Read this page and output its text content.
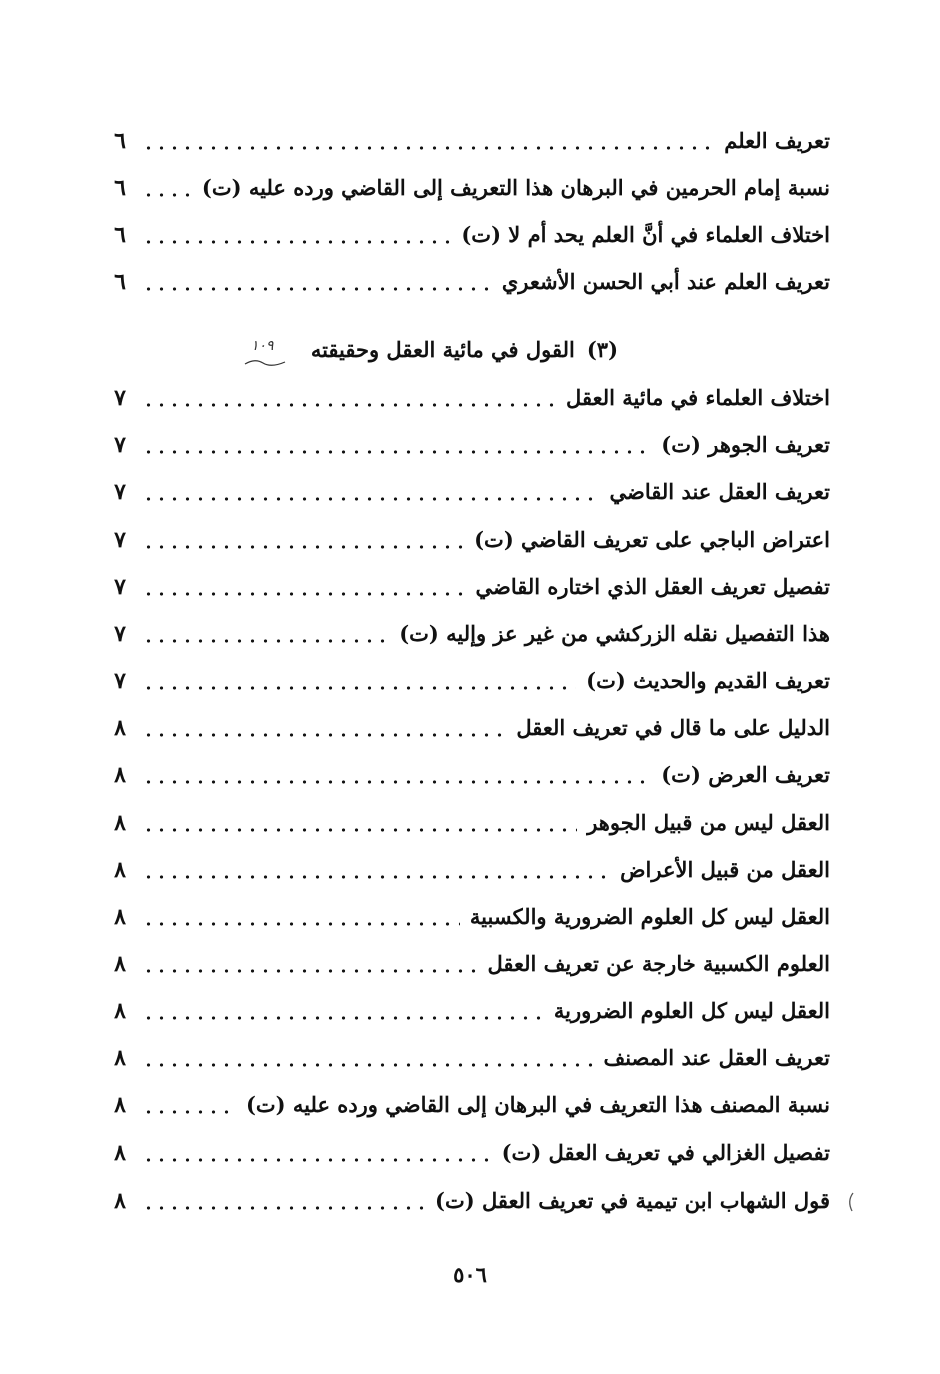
تعريف العلم
٦
نسبة إمام الحرمين في البرهان هذا التعريف إلى القاضي ورده عليه (ت)
٦
اختلاف العلماء في أنَّ العلم يحد أم لا (ت)
٦
تعريف العلم عند أبي الحسن الأشعري
٦
(٣)
القول في مائية العقل وحقيقته
١٠٩
اختلاف العلماء في مائية العقل
٧
تعريف الجوهر (ت)
٧
تعريف العقل عند القاضي
٧
اعتراض الباجي على تعريف القاضي (ت)
٧
تفصيل تعريف العقل الذي اختاره القاضي
٧
هذا التفصيل نقله الزركشي من غير عز وإليه (ت)
٧
تعريف القديم والحديث (ت)
٧
الدليل على ما قال في تعريف العقل
٨
تعريف العرض (ت)
٨
العقل ليس من قبيل الجوهر
٨
العقل من قبيل الأعراض
٨
العقل ليس كل العلوم الضرورية والكسبية
٨
العلوم الكسبية خارجة عن تعريف العقل
٨
العقل ليس كل العلوم الضرورية
٨
تعريف العقل عند المصنف
٨
نسبة المصنف هذا التعريف في البرهان إلى القاضي ورده عليه (ت)
٨
تفصيل الغزالي في تعريف العقل (ت)
٨
قول الشهاب ابن تيمية في تعريف العقل (ت)
٨
٥٠٦
